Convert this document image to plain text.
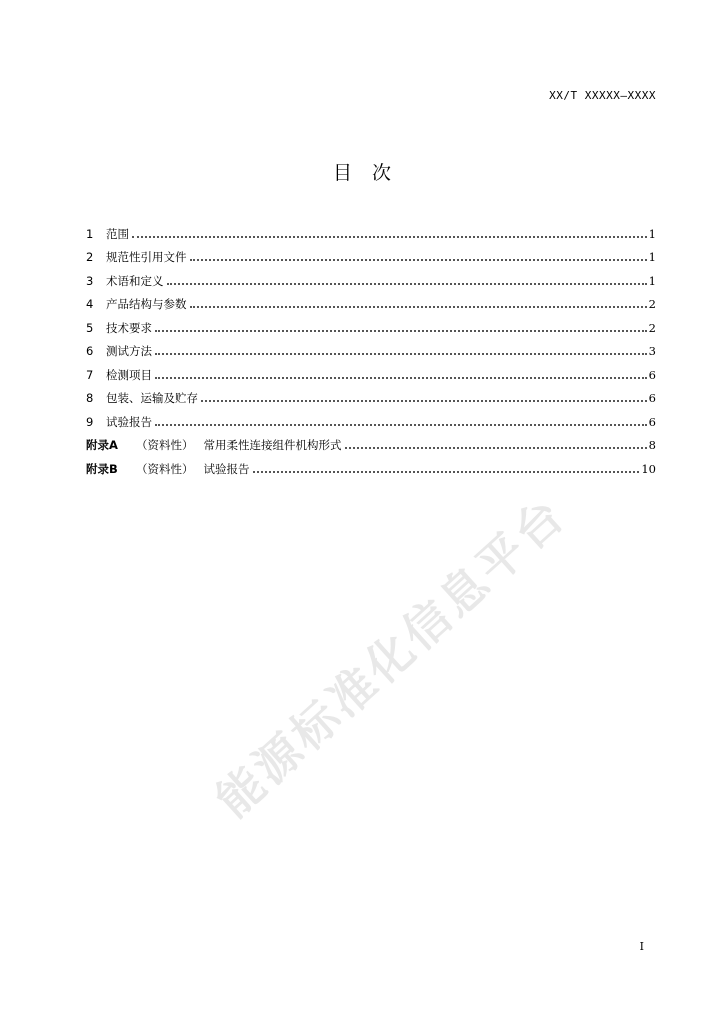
XX/T XXXXX—XXXX
目次
1	范围	1
2	规范性引用文件	1
3	术语和定义	1
4	产品结构与参数	2
5	技术要求	2
6	测试方法	3
7	检测项目	6
8	包装、运输及贮存	6
9	试验报告	6
附录A	（资料性） 常用柔性连接组件机构形式	8
附录B	（资料性） 试验报告	10
能源标准化信息平台
I
